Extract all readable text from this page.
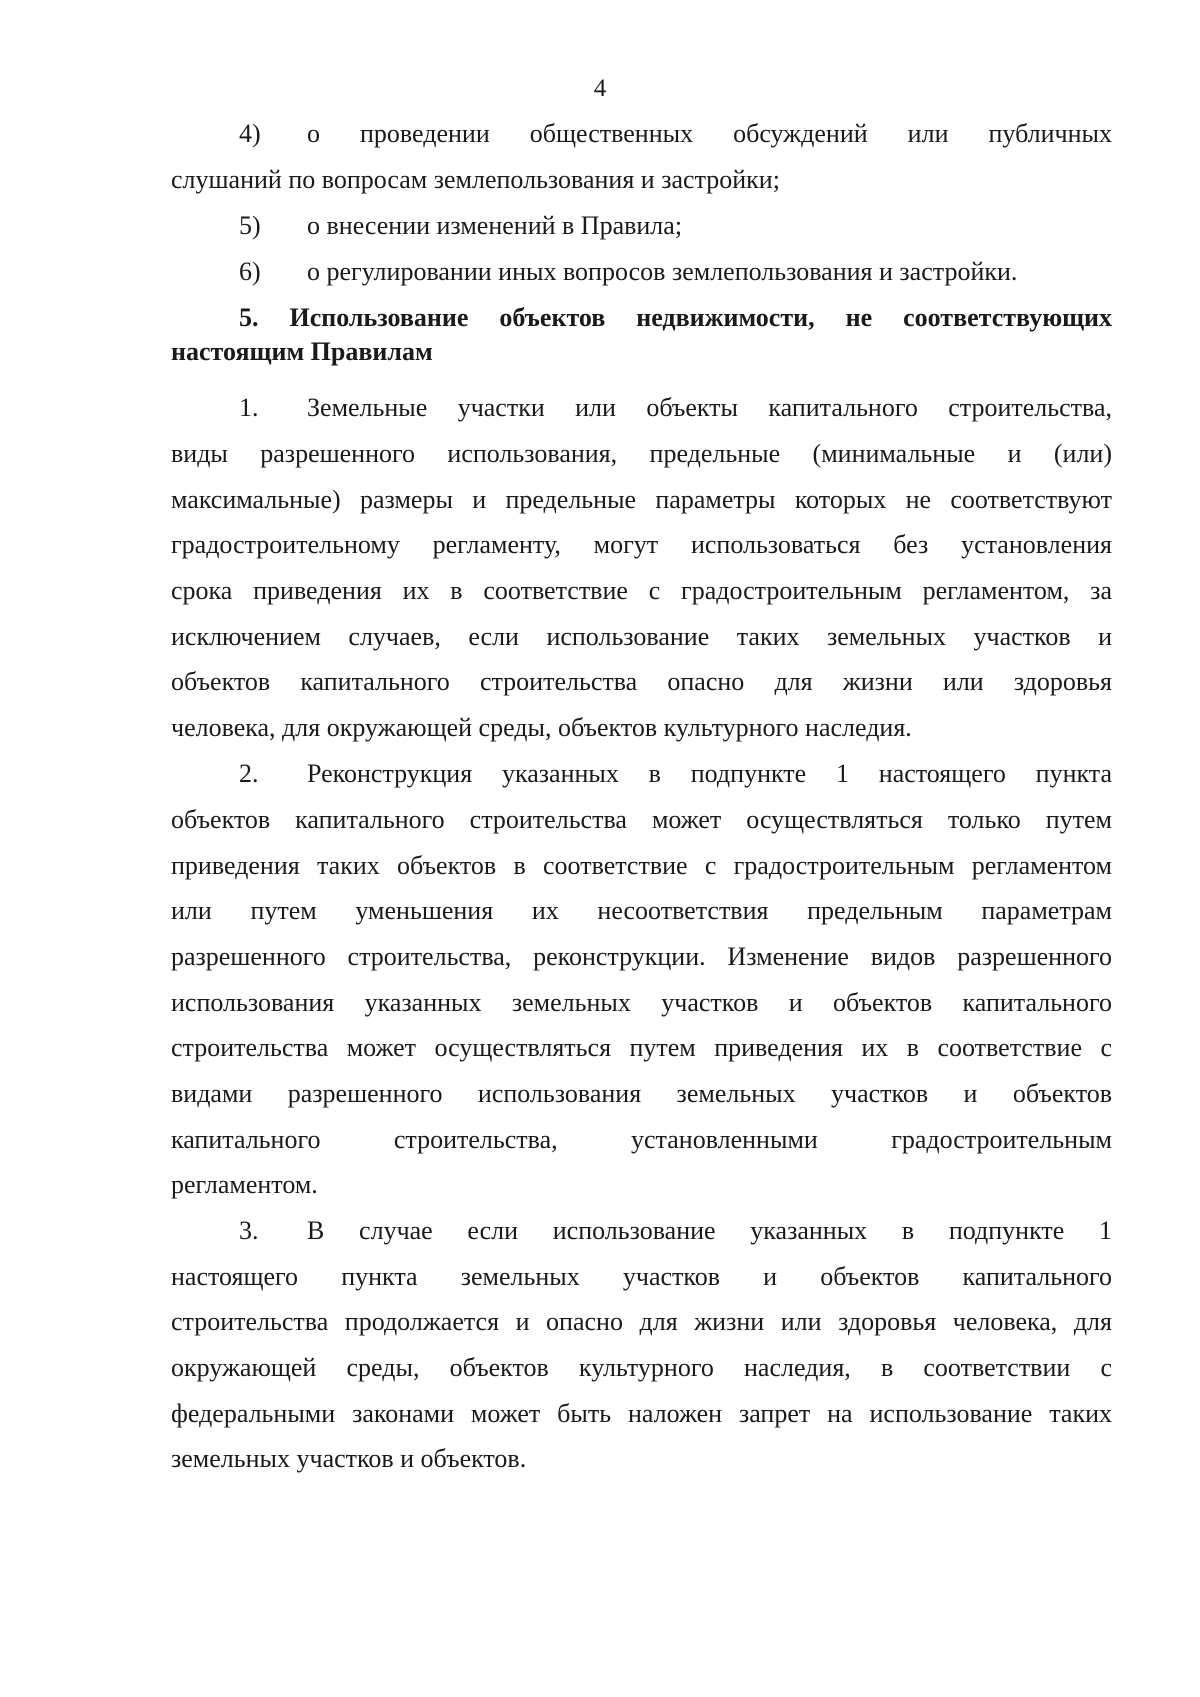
4
4) о проведении общественных обсуждений или публичных
слушаний по вопросам землепользования и застройки;
5) о внесении изменений в Правила;
6) о регулировании иных вопросов землепользования и застройки.
5. Использование объектов недвижимости, не соответствующих
настоящим Правилам
1. Земельные участки или объекты капитального строительства,
виды разрешенного использования, предельные (минимальные и (или)
максимальные) размеры и предельные параметры которых не соответствуют
градостроительному регламенту, могут использоваться без установления
срока приведения их в соответствие с градостроительным регламентом, за
исключением случаев, если использование таких земельных участков и
объектов капитального строительства опасно для жизни или здоровья
человека, для окружающей среды, объектов культурного наследия.
2. Реконструкция указанных в подпункте 1 настоящего пункта
объектов капитального строительства может осуществляться только путем
приведения таких объектов в соответствие с градостроительным регламентом
или путем уменьшения их несоответствия предельным параметрам
разрешенного строительства, реконструкции. Изменение видов разрешенного
использования указанных земельных участков и объектов капитального
строительства может осуществляться путем приведения их в соответствие с
видами разрешенного использования земельных участков и объектов
капитального строительства, установленными градостроительным
регламентом.
3. В случае если использование указанных в подпункте 1
настоящего пункта земельных участков и объектов капитального
строительства продолжается и опасно для жизни или здоровья человека, для
окружающей среды, объектов культурного наследия, в соответствии с
федеральными законами может быть наложен запрет на использование таких
земельных участков и объектов.
